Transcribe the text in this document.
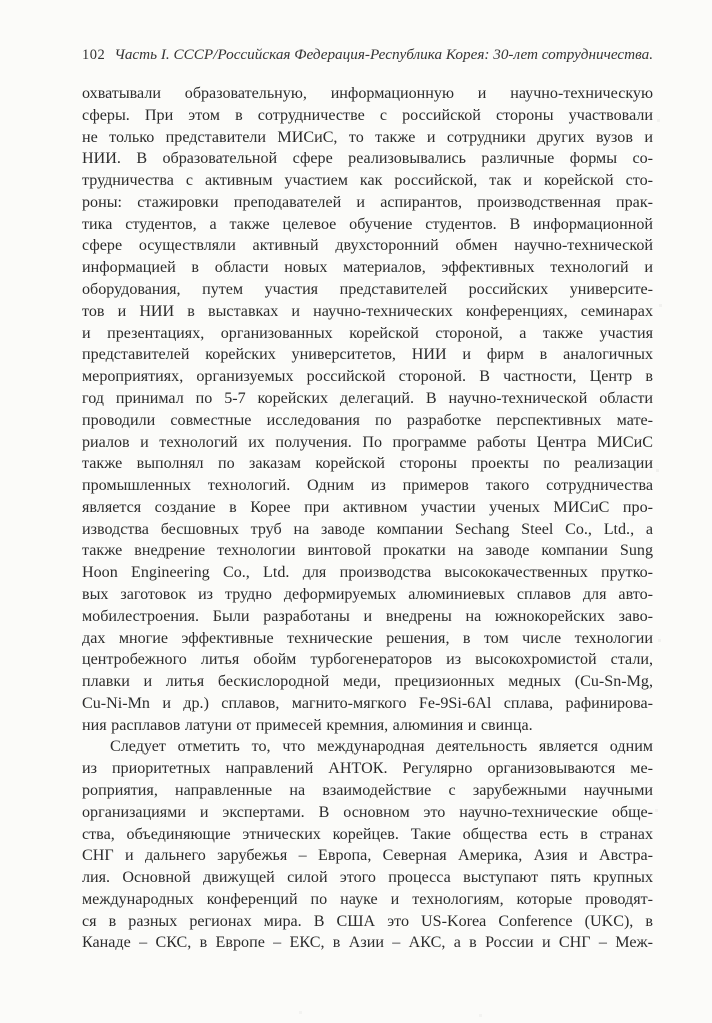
102 Часть I. СССР/Российская Федерация-Республика Корея: 30-лет сотрудничества.
охватывали образовательную, информационную и научно-техническую
сферы. При этом в сотрудничестве с российской стороны участвовали
не только представители МИСиС, то также и сотрудники других вузов и
НИИ. В образовательной сфере реализовывались различные формы со-
трудничества с активным участием как российской, так и корейской сто-
роны: стажировки преподавателей и аспирантов, производственная прак-
тика студентов, а также целевое обучение студентов. В информационной
сфере осуществляли активный двухсторонний обмен научно-технической
информацией в области новых материалов, эффективных технологий и
оборудования, путем участия представителей российских университе-
тов и НИИ в выставках и научно-технических конференциях, семинарах
и презентациях, организованных корейской стороной, а также участия
представителей корейских университетов, НИИ и фирм в аналогичных
мероприятиях, организуемых российской стороной. В частности, Центр в
год принимал по 5-7 корейских делегаций. В научно-технической области
проводили совместные исследования по разработке перспективных мате-
риалов и технологий их получения. По программе работы Центра МИСиС
также выполнял по заказам корейской стороны проекты по реализации
промышленных технологий. Одним из примеров такого сотрудничества
является создание в Корее при активном участии ученых МИСиС про-
изводства бесшовных труб на заводе компании Sechang Steel Co., Ltd., а
также внедрение технологии винтовой прокатки на заводе компании Sung
Hoon Engineering Co., Ltd. для производства высококачественных прутко-
вых заготовок из трудно деформируемых алюминиевых сплавов для авто-
мобилестроения. Были разработаны и внедрены на южнокорейских заво-
дах многие эффективные технические решения, в том числе технологии
центробежного литья обойм турбогенераторов из высокохромистой стали,
плавки и литья бескислородной меди, прецизионных медных (Cu-Sn-Mg,
Cu-Ni-Mn и др.) сплавов, магнито-мягкого Fe-9Si-6Al сплава, рафинирова-
ния расплавов латуни от примесей кремния, алюминия и свинца.
Следует отметить то, что международная деятельность является одним
из приоритетных направлений АНТОК. Регулярно организовываются ме-
роприятия, направленные на взаимодействие с зарубежными научными
организациями и экспертами. В основном это научно-технические обще-
ства, объединяющие этнических корейцев. Такие общества есть в странах
СНГ и дальнего зарубежья – Европа, Северная Америка, Азия и Австра-
лия. Основной движущей силой этого процесса выступают пять крупных
международных конференций по науке и технологиям, которые проводят-
ся в разных регионах мира. В США это US-Korea Conference (UKC), в
Канаде – СКС, в Европе – ЕКС, в Азии – АКС, а в России и СНГ – Меж-
